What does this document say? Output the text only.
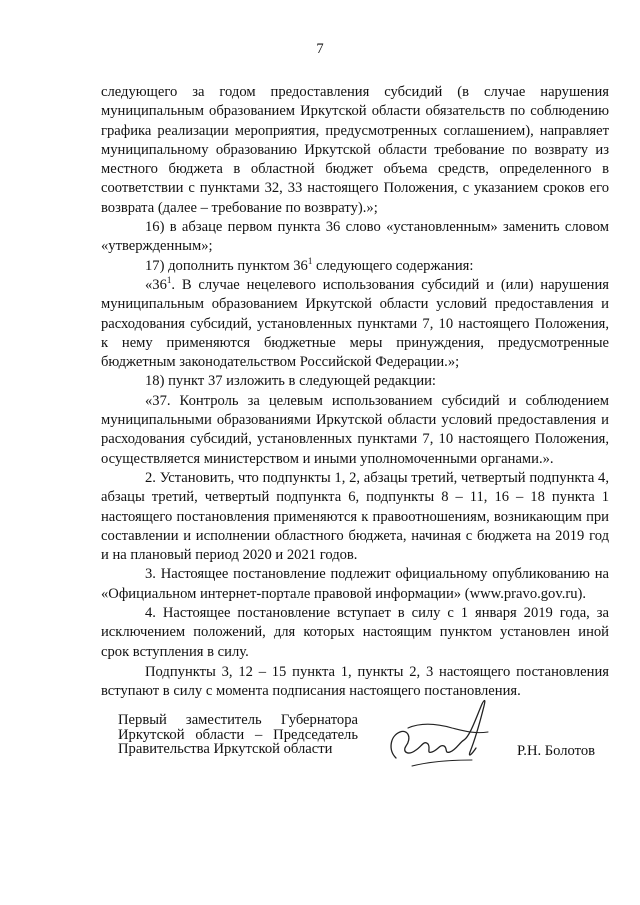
7

следующего за годом предоставления субсидий (в случае нарушения муниципальным образованием Иркутской области обязательств по соблюдению графика реализации мероприятия, предусмотренных соглашением), направляет муниципальному образованию Иркутской области требование по возврату из местного бюджета в областной бюджет объема средств, определенного в соответствии с пунктами 32, 33 настоящего Положения, с указанием сроков его возврата (далее – требование по возврату).»;

16) в абзаце первом пункта 36 слово «установленным» заменить словом «утвержденным»;

17) дополнить пунктом $36^1$ следующего содержания:

«$36^1$. В случае нецелевого использования субсидий и (или) нарушения муниципальным образованием Иркутской области условий предоставления и расходования субсидий, установленных пунктами 7, 10 настоящего Положения, к нему применяются бюджетные меры принуждения, предусмотренные бюджетным законодательством Российской Федерации.»;

18) пункт 37 изложить в следующей редакции:

«37. Контроль за целевым использованием субсидий и соблюдением муниципальными образованиями Иркутской области условий предоставления и расходования субсидий, установленных пунктами 7, 10 настоящего Положения, осуществляется министерством и иными уполномоченными органами.».

2. Установить, что подпункты 1, 2, абзацы третий, четвертый подпункта 4, абзацы третий, четвертый подпункта 6, подпункты 8 – 11, 16 – 18 пункта 1 настоящего постановления применяются к правоотношениям, возникающим при составлении и исполнении областного бюджета, начиная с бюджета на 2019 год и на плановый период 2020 и 2021 годов.

3. Настоящее постановление подлежит официальному опубликованию на «Официальном интернет-портале правовой информации» (www.pravo.gov.ru).

4. Настоящее постановление вступает в силу с 1 января 2019 года, за исключением положений, для которых настоящим пунктом установлен иной срок вступления в силу.

Подпункты 3, 12 – 15 пункта 1, пункты 2, 3 настоящего постановления вступают в силу с момента подписания настоящего постановления.

Первый заместитель Губернатора
Иркутской области – Председатель
Правительства Иркутской области	Р.Н. Болотов
